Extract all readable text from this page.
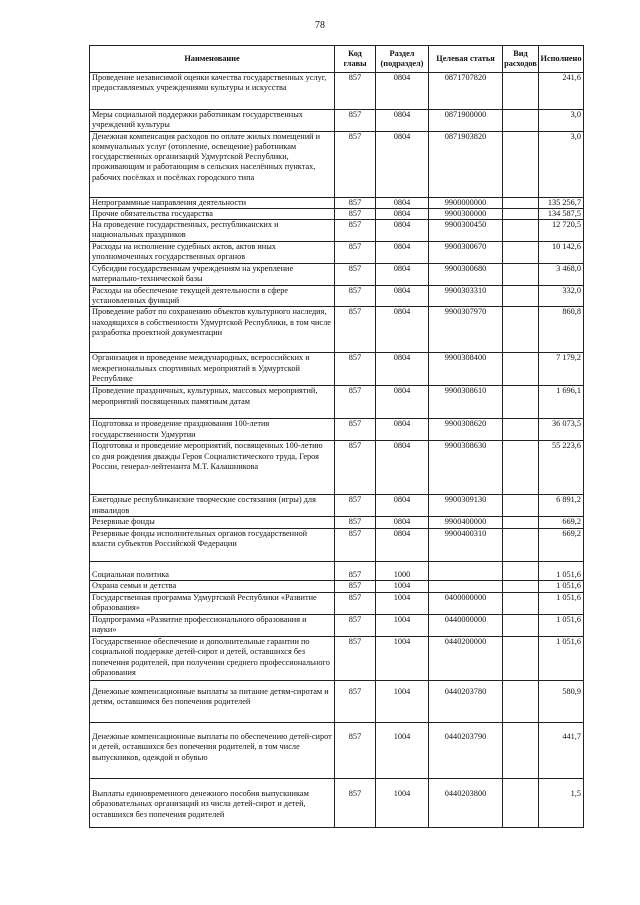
78
Наименование	Код главы	Раздел (подраздел)	Целевая статья	Вид расходов	Исполнено
Проведение независимой оценки качества государственных услуг, предоставляемых учреждениями культуры и искусства	857	0804	0871707820		241,6
Меры социальной поддержки работникам государственных учреждений культуры	857	0804	0871900000		3,0
Денежная компенсация расходов по оплате жилых помещений и коммунальных услуг (отопление, освещение) работникам государственных организаций Удмуртской Республики, проживающим и работающим в сельских населённых пунктах, рабочих посёлках и посёлках городского типа	857	0804	0871903820		3,0
Непрограммные направления деятельности	857	0804	9900000000		135 256,7
Прочие обязательства государства	857	0804	9900300000		134 587,5
На проведение государственных, республиканских и национальных праздников	857	0804	9900300450		12 720,5
Расходы на исполнение судебных актов, актов иных уполномоченных государственных органов	857	0804	9900300670		10 142,6
Субсидии государственным учреждениям на укрепление материально-технической базы	857	0804	9900300680		3 468,0
Расходы на обеспечение текущей деятельности в сфере установленных функций	857	0804	9900303310		332,0
Проведение работ по сохранению объектов культурного наследия, находящихся в собственности Удмуртской Республики, в том числе разработка проектной документации	857	0804	9900307970		860,8
Организация и проведение международных, всероссийских и межрегиональных спортивных мероприятий в Удмуртской Республике	857	0804	9900308400		7 179,2
Проведение праздничных, культурных, массовых мероприятий, мероприятий посвященных памятным датам	857	0804	9900308610		1 696,1
Подготовка и проведение празднования 100-летия государственности Удмуртии	857	0804	9900308620		36 073,5
Подготовка и проведение мероприятий, посвященных 100-летию со дня рождения дважды Героя Социалистического труда, Героя России, генерал-лейтенанта М.Т. Калашникова	857	0804	9900308630		55 223,6
Ежегодные республиканские творческие состязания (игры) для инвалидов	857	0804	9900309130		6 891,2
Резервные фонды	857	0804	9900400000		669,2
Резервные фонды исполнительных органов государственной власти субъектов Российской Федерации	857	0804	9900400310		669,2
Социальная политика	857	1000			1 051,6
Охрана семьи и детства	857	1004			1 051,6
Государственная программа Удмуртской Республики «Развитие образования»	857	1004	0400000000		1 051,6
Подпрограмма «Развитие профессионального образования и науки»	857	1004	0440000000		1 051,6
Государственное обеспечение и дополнительные гарантии по социальной поддержке детей-сирот и детей, оставшихся без попечения родителей, при получении среднего профессионального образования	857	1004	0440200000		1 051,6
Денежные компенсационные выплаты за питание детям-сиротам и детям, оставшимся без попечения родителей	857	1004	0440203780		580,9
Денежные компенсационные выплаты по обеспечению детей-сирот и детей, оставшихся без попечения родителей, в том числе выпускников, одеждой и обувью	857	1004	0440203790		441,7
Выплаты единовременного денежного пособия выпускникам образовательных организаций из числа детей-сирот и детей, оставшихся без попечения родителей	857	1004	0440203800		1,5
